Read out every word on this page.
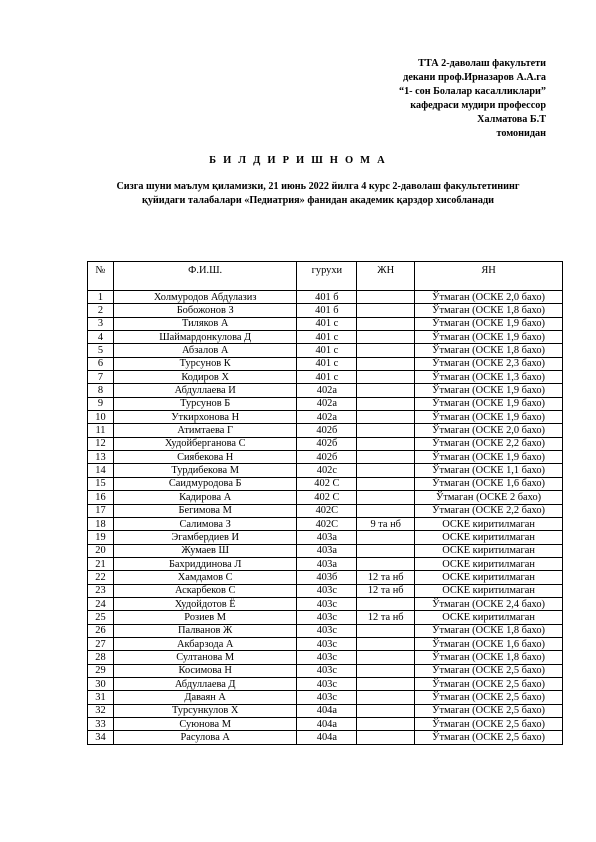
ТТА 2-даволаш факультети
декани проф.Ирназаров А.А.га
“1- сон Болалар касалликлари”
кафедраси мудири профессор
Халматова Б.Т
томонидан
Б И Л Д И Р И Ш Н О М А
Сизга шуни маълум қиламизки, 21 июнь 2022 йилга 4 курс 2-даволаш факультетининг қуйидаги талабалари «Педиатрия» фанидан академик қарздор хисобланади
№	Ф.И.Ш.	гурухи	ЖН	ЯН
1	Холмуродов Абдулазиз	401 б		Ўтмаган (ОСКЕ 2,0 бахо)
2	Бобожонов З	401 б		Ўтмаган (ОСКЕ 1,8 бахо)
3	Тиляков А	401 с		Ўтмаган (ОСКЕ 1,9 бахо)
4	Шаймардонкулова Д	401 с		Ўтмаган (ОСКЕ 1,9 бахо)
5	Абзалов А	401 с		Ўтмаган (ОСКЕ 1,8 бахо)
6	Турсунов К	401 с		Ўтмаган (ОСКЕ 2,3 бахо)
7	Кодиров Х	401 с		Ўтмаган (ОСКЕ 1,3 бахо)
8	Абдуллаева И	402а		Ўтмаган (ОСКЕ 1,9 бахо)
9	Турсунов Б	402а		Ўтмаган (ОСКЕ 1,9 бахо)
10	Уткирхонова Н	402а		Ўтмаган (ОСКЕ 1,9 бахо)
11	Атимтаева Г	402б		Ўтмаган (ОСКЕ 2,0 бахо)
12	Худойберганова С	402б		Ўтмаган (ОСКЕ 2,2 бахо)
13	Сиябекова Н	402б		Ўтмаган (ОСКЕ 1,9 бахо)
14	Турдибекова М	402с		Ўтмаган (ОСКЕ 1,1 бахо)
15	Саидмуродова Б	402 С		Ўтмаган (ОСКЕ 1,6 бахо)
16	Кадирова А	402 С		Ўтмаган (ОСКЕ 2 бахо)
17	Бегимова М	402С		Ўтмаган (ОСКЕ 2,2 бахо)
18	Салимова З	402С	9 та нб	ОСКЕ киритилмаган
19	Эгамбердиев И	403а		ОСКЕ киритилмаган
20	Жумаев Ш	403а		ОСКЕ киритилмаган
21	Бахриддинова Л	403а		ОСКЕ киритилмаган
22	Хамдамов С	403б	12 та нб	ОСКЕ киритилмаган
23	Аскарбеков С	403с	12 та нб	ОСКЕ киритилмаган
24	Худойдотов Ё	403с		Ўтмаган (ОСКЕ 2,4 бахо)
25	Розиев М	403с	12 та нб	ОСКЕ киритилмаган
26	Палванов Ж	403с		Ўтмаган (ОСКЕ 1,8 бахо)
27	Акбарзода А	403с		Ўтмаган (ОСКЕ 1,6 бахо)
28	Султанова М	403с		Ўтмаган (ОСКЕ 1,8 бахо)
29	Косимова Н	403с		Ўтмаган (ОСКЕ 2,5 бахо)
30	Абдуллаева Д	403с		Ўтмаган (ОСКЕ 2,5 бахо)
31	Даваян А	403с		Ўтмаган (ОСКЕ 2,5 бахо)
32	Турсункулов Х	404а		Ўтмаган (ОСКЕ 2,5 бахо)
33	Суюнова М	404а		Ўтмаган (ОСКЕ 2,5 бахо)
34	Расулова А	404а		Ўтмаган (ОСКЕ 2,5 бахо)
